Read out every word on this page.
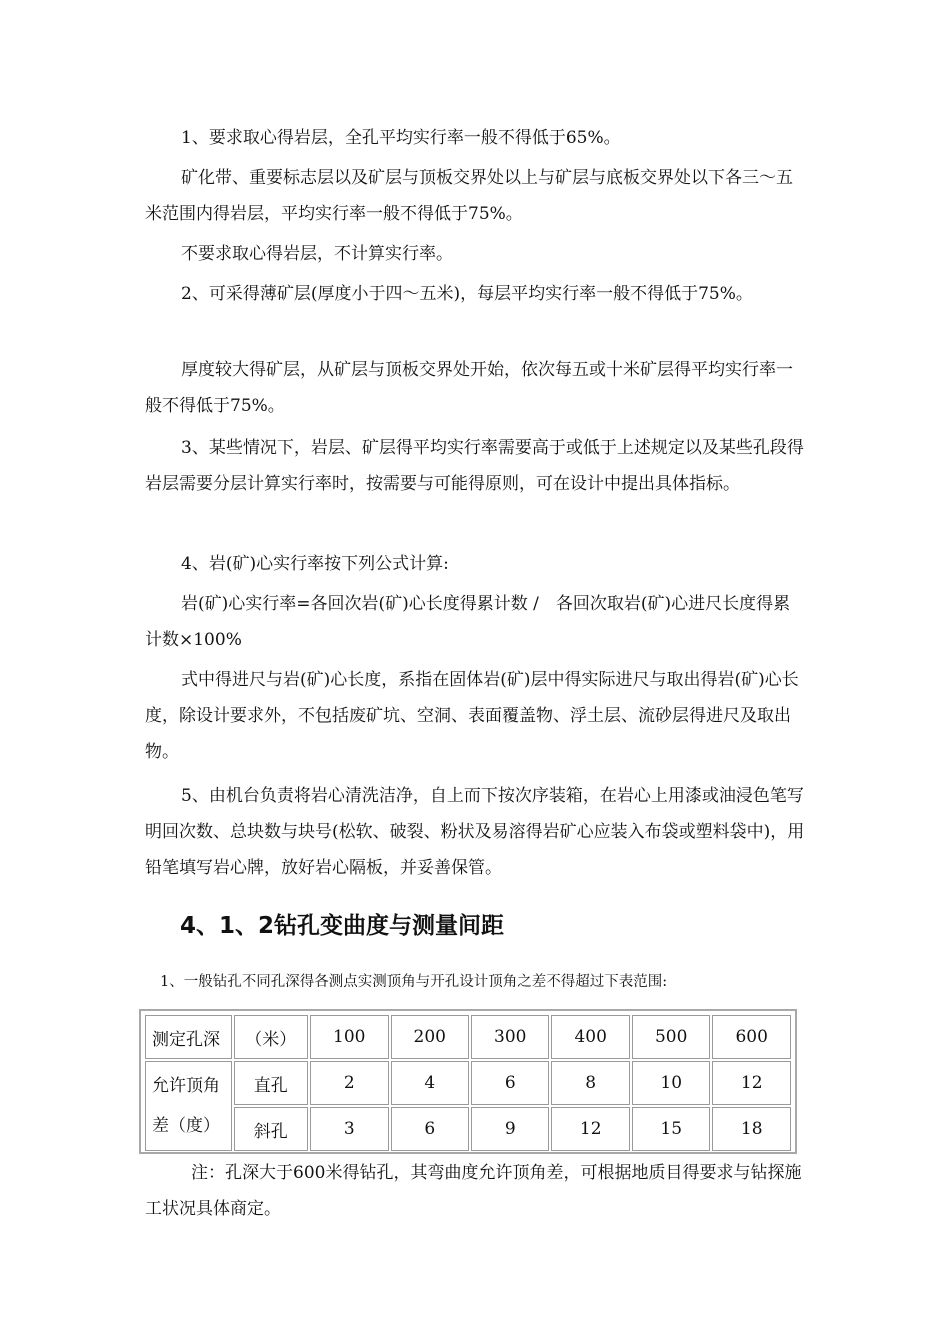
1、要求取心得岩层，全孔平均实行率一般不得低于65%。

矿化带、重要标志层以及矿层与顶板交界处以上与矿层与底板交界处以下各三～五米范围内得岩层，平均实行率一般不得低于75%。

不要求取心得岩层，不计算实行率。

2、可采得薄矿层(厚度小于四～五米)，每层平均实行率一般不得低于75%。

厚度较大得矿层，从矿层与顶板交界处开始，依次每五或十米矿层得平均实行率一般不得低于75%。

3、某些情况下，岩层、矿层得平均实行率需要高于或低于上述规定以及某些孔段得岩层需要分层计算实行率时，按需要与可能得原则，可在设计中提出具体指标。

4、岩(矿)心实行率按下列公式计算:

岩(矿)心实行率=各回次岩(矿)心长度得累计数 /　各回次取岩(矿)心进尺长度得累计数×100%

式中得进尺与岩(矿)心长度，系指在固体岩(矿)层中得实际进尺与取出得岩(矿)心长度，除设计要求外，不包括废矿坑、空洞、表面覆盖物、浮土层、流砂层得进尺及取出物。

5、由机台负责将岩心清洗洁净，自上而下按次序装箱，在岩心上用漆或油浸色笔写明回次数、总块数与块号(松软、破裂、粉状及易溶得岩矿心应装入布袋或塑料袋中)，用铅笔填写岩心牌，放好岩心隔板，并妥善保管。

4、1、2钻孔变曲度与测量间距

1、一般钻孔不同孔深得各测点实测顶角与开孔设计顶角之差不得超过下表范围:

测定孔深	（米）	100	200	300	400	500	600

允许顶角
差（度）	直孔	2	4	6	8	10	12
	斜孔	3	6	9	12	15	18

注：孔深大于600米得钻孔，其弯曲度允许顶角差，可根据地质目得要求与钻探施工状况具体商定。
